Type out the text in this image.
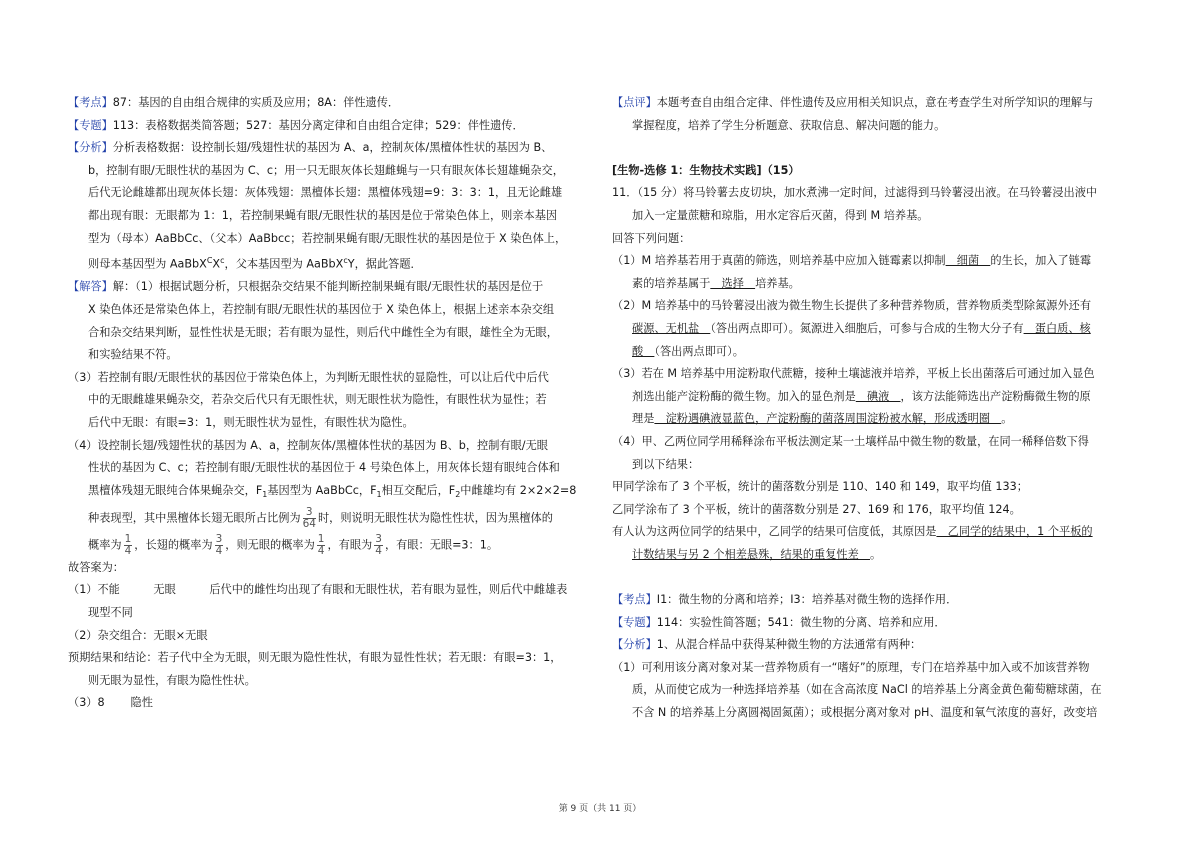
【考点】87：基因的自由组合规律的实质及应用；8A：伴性遗传．
【专题】113：表格数据类简答题；527：基因分离定律和自由组合定律；529：伴性遗传．
【分析】分析表格数据：设控制长翅/残翅性状的基因为 A、a，控制灰体/黑檀体性状的基因为 B、
b，控制有眼/无眼性状的基因为 C、c；用一只无眼灰体长翅雌蝇与一只有眼灰体长翅雄蝇杂交，
后代无论雌雄都出现灰体长翅：灰体残翅：黑檀体长翅：黑檀体残翅=9：3：3：1，且无论雌雄
都出现有眼：无眼都为 1：1，若控制果蝇有眼/无眼性状的基因是位于常染色体上，则亲本基因
型为（母本）AaBbCc、（父本）AaBbcc；若控制果蝇有眼/无眼性状的基因是位于 X 染色体上，
则母本基因型为 $AaBbX^CX^c$，父本基因型为 AaBbX$^c$Y，据此答题．
【解答】解：（1）根据试题分析，只根据杂交结果不能判断控制果蝇有眼/无眼性状的基因是位于
X 染色体还是常染色体上，若控制有眼/无眼性状的基因位于 X 染色体上，根据上述亲本杂交组
合和杂交结果判断，显性性状是无眼；若有眼为显性，则后代中雌性全为有眼，雄性全为无眼，
和实验结果不符。
（3）若控制有眼/无眼性状的基因位于常染色体上，为判断无眼性状的显隐性，可以让后代中后代
中的无眼雌雄果蝇杂交，若杂交后代只有无眼性状，则无眼性状为隐性，有眼性状为显性；若
后代中无眼：有眼=3：1，则无眼性状为显性，有眼性状为隐性。
（4）设控制长翅/残翅性状的基因为 A、a，控制灰体/黑檀体性状的基因为 B、b，控制有眼/无眼
性状的基因为 C、c；若控制有眼/无眼性状的基因位于 4 号染色体上，用灰体长翅有眼纯合体和
黑檀体残翅无眼纯合体果蝇杂交，$F_1$基因型为 AaBbCc，$F_1$相互交配后，$F_2$中雌雄均有 2×2×2=8
种表现型，其中黑檀体长翅无眼所占比例为 $\frac{3}{64}$ 时，则说明无眼性状为隐性性状，因为黑檀体的
概率为 $\frac{1}{4}$ ，长翅的概率为 $\frac{3}{4}$ ，则无眼的概率为 $\frac{1}{4}$ ，有眼为 $\frac{3}{4}$ ，有眼：无眼=3：1。
故答案为：
（1）不能　　　无眼　　　后代中的雌性均出现了有眼和无眼性状，若有眼为显性，则后代中雌雄表
现型不同
（2）杂交组合：无眼×无眼
预期结果和结论：若子代中全为无眼，则无眼为隐性性状，有眼为显性性状；若无眼：有眼=3：1，
则无眼为显性，有眼为隐性性状。
（3）8　　 隐性
【点评】本题考查自由组合定律、伴性遗传及应用相关知识点，意在考查学生对所学知识的理解与
掌握程度，培养了学生分析题意、获取信息、解决问题的能力。
[生物-选修 1：生物技术实践]（15）
11．（15 分）将马铃薯去皮切块，加水煮沸一定时间，过滤得到马铃薯浸出液。在马铃薯浸出液中
加入一定量蔗糖和琼脂，用水定容后灭菌，得到 M 培养基。
回答下列问题：
（1）M 培养基若用于真菌的筛选，则培养基中应加入链霉素以抑制　细菌　的生长，加入了链霉
素的培养基属于　选择　培养基。
（2）M 培养基中的马铃薯浸出液为微生物生长提供了多种营养物质，营养物质类型除氮源外还有
碳源、无机盐　（答出两点即可）。氮源进入细胞后，可参与合成的生物大分子有　蛋白质、核
酸　（答出两点即可）。
（3）若在 M 培养基中用淀粉取代蔗糖，接种土壤滤液并培养，平板上长出菌落后可通过加入显色
剂选出能产淀粉酶的微生物。加入的显色剂是　碘液　，该方法能筛选出产淀粉酶微生物的原
理是　淀粉遇碘液显蓝色，产淀粉酶的菌落周围淀粉被水解，形成透明圈　。
（4）甲、乙两位同学用稀释涂布平板法测定某一土壤样品中微生物的数量，在同一稀释倍数下得
到以下结果：
甲同学涂布了 3 个平板，统计的菌落数分别是 110、140 和 149，取平均值 133；
乙同学涂布了 3 个平板，统计的菌落数分别是 27、169 和 176，取平均值 124。
有人认为这两位同学的结果中，乙同学的结果可信度低，其原因是　乙同学的结果中，1 个平板的
计数结果与另 2 个相差悬殊，结果的重复性差　。
【考点】I1：微生物的分离和培养；I3：培养基对微生物的选择作用．
【专题】114：实验性简答题；541：微生物的分离、培养和应用．
【分析】1、从混合样品中获得某种微生物的方法通常有两种：
（1）可利用该分离对象对某一营养物质有一“嗜好”的原理，专门在培养基中加入或不加该营养物
质，从而使它成为一种选择培养基（如在含高浓度 NaCl 的培养基上分离金黄色葡萄糖球菌，在
不含 N 的培养基上分离圆褐固氮菌）；或根据分离对象对 pH、温度和氧气浓度的喜好，改变培
第 9 页（共 11 页）
